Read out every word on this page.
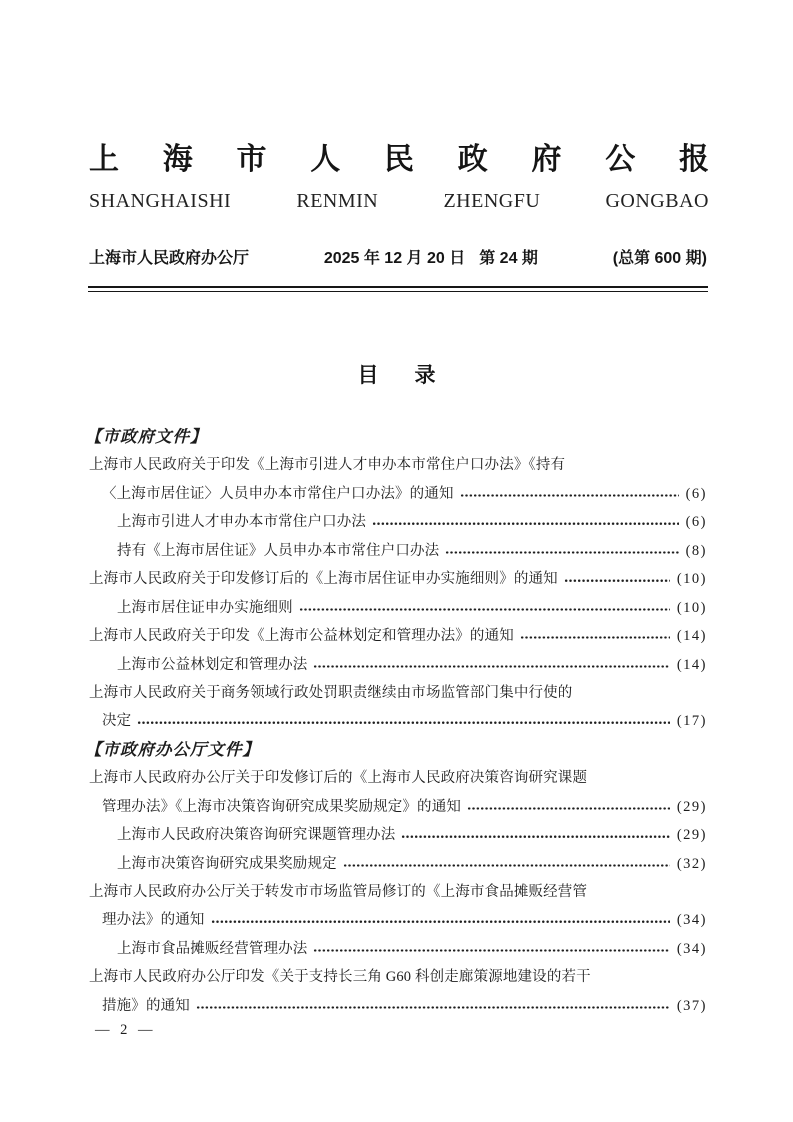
上 海 市 人 民 政 府 公 报
SHANGHAISHI	RENMIN	ZHENGFU	GONGBAO
上海市人民政府办公厅	2025 年 12 月 20 日 第 24 期	(总第 600 期)
目 录
【市政府文件】
上海市人民政府关于印发《上海市引进人才申办本市常住户口办法》《持有
〈上海市居住证〉人员申办本市常住户口办法》的通知	(6)
上海市引进人才申办本市常住户口办法	(6)
持有《上海市居住证》人员申办本市常住户口办法	(8)
上海市人民政府关于印发修订后的《上海市居住证申办实施细则》的通知	(10)
上海市居住证申办实施细则	(10)
上海市人民政府关于印发《上海市公益林划定和管理办法》的通知	(14)
上海市公益林划定和管理办法	(14)
上海市人民政府关于商务领域行政处罚职责继续由市场监管部门集中行使的
决定	(17)
【市政府办公厅文件】
上海市人民政府办公厅关于印发修订后的《上海市人民政府决策咨询研究课题
管理办法》《上海市决策咨询研究成果奖励规定》的通知	(29)
上海市人民政府决策咨询研究课题管理办法	(29)
上海市决策咨询研究成果奖励规定	(32)
上海市人民政府办公厅关于转发市市场监管局修订的《上海市食品摊贩经营管
理办法》的通知	(34)
上海市食品摊贩经营管理办法	(34)
上海市人民政府办公厅印发《关于支持长三角 G60 科创走廊策源地建设的若干
措施》的通知	(37)
— 2 —
